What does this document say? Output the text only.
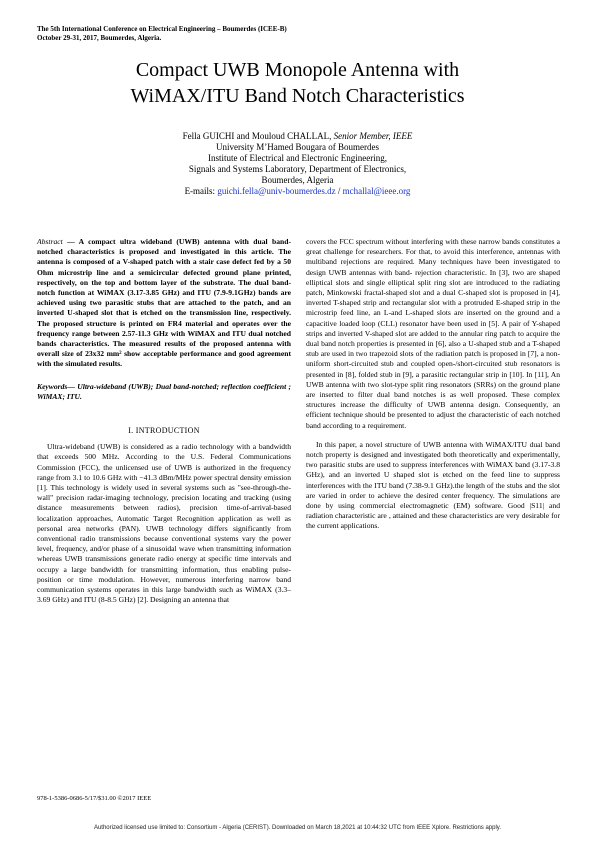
The 5th International Conference on Electrical Engineering – Boumerdes (ICEE-B)
October 29-31, 2017, Boumerdes, Algeria.
Compact UWB Monopole Antenna with
WiMAX/ITU Band Notch Characteristics
Fella GUICHI and Mouloud CHALLAL, Senior Member, IEEE
University M’Hamed Bougara of Boumerdes
Institute of Electrical and Electronic Engineering,
Signals and Systems Laboratory, Department of Electronics,
Boumerdes, Algeria
E-mails: guichi.fella@univ-boumerdes.dz / mchallal@ieee.org

Abstract — A compact ultra wideband (UWB) antenna with dual band-notched characteristics is proposed and investigated in this article. The antenna is composed of a V-shaped patch with a stair case defect fed by a 50 Ohm microstrip line and a semicircular defected ground plane printed, respectively, on the top and bottom layer of the substrate. The dual band-notch function at WiMAX (3.17-3.85 GHz) and ITU (7.9-9.1GHz) bands are achieved using two parasitic stubs that are attached to the patch, and an inverted U-shaped slot that is etched on the transmission line, respectively. The proposed structure is printed on FR4 material and operates over the frequency range between 2.57-11.3 GHz with WiMAX and ITU dual notched bands characteristics. The measured results of the proposed antenna with overall size of 23x32 mm² show acceptable performance and good agreement with the simulated results.

Keywords— Ultra-wideband (UWB); Dual band-notched; reflection coefficient ; WiMAX; ITU.

I. INTRODUCTION

Ultra-wideband (UWB) is considered as a radio technology with a bandwidth that exceeds 500 MHz. According to the U.S. Federal Communications Commission (FCC), the unlicensed use of UWB is authorized in the frequency range from 3.1 to 10.6 GHz with −41.3 dBm/MHz power spectral density emission [1]. This technology is widely used in several systems such as "see-through-the-wall" precision radar-imaging technology, precision locating and tracking (using distance measurements between radios), precision time-of-arrival-based localization approaches, Automatic Target Recognition application as well as personal area networks (PAN). UWB technology differs significantly from conventional radio transmissions because conventional systems vary the power level, frequency, and/or phase of a sinusoidal wave when transmitting information whereas UWB transmissions generate radio energy at specific time intervals and occupy a large bandwidth for transmitting information, thus enabling pulse-position or time modulation. However, numerous interfering narrow band communication systems operates in this large bandwidth such as WiMAX (3.3–3.69 GHz) and ITU (8-8.5 GHz) [2]. Designing an antenna that

covers the FCC spectrum without interfering with these narrow bands constitutes a great challenge for researchers. For that, to avoid this interference, antennas with multiband rejections are required. Many techniques have been investigated to design UWB antennas with band- rejection characteristic. In [3], two are shaped elliptical slots and single elliptical split ring slot are introduced to the radiating patch, Minkowski fractal-shaped slot and a dual C-shaped slot is proposed in [4], inverted T-shaped strip and rectangular slot with a protruded E-shaped strip in the microstrip feed line, an L-and L-shaped slots are inserted on the ground and a capacitive loaded loop (CLL) resonator have been used in [5]. A pair of Y-shaped strips and inverted V-shaped slot are added to the annular ring patch to acquire the dual band notch properties is presented in [6], also a U-shaped stub and a T-shaped stub are used in two trapezoid slots of the radiation patch is proposed in [7], a non-uniform short-circuited stub and coupled open-/short-circuited stub resonators is presented in [8], folded stub in [9], a parasitic rectangular strip in [10]. In [11], An UWB antenna with two slot-type split ring resonators (SRRs) on the ground plane are inserted to filter dual band notches is as well proposed. These complex structures increase the difficulty of UWB antenna design. Consequently, an efficient technique should be presented to adjust the characteristic of each notched band according to a requirement.

In this paper, a novel structure of UWB antenna with WiMAX/ITU dual band notch property is designed and investigated both theoretically and experimentally, two parasitic stubs are used to suppress interferences with WiMAX band (3.17-3.8 GHz), and an inverted U shaped slot is etched on the feed line to suppress interferences with the ITU band (7.38-9.1 GHz).the length of the stubs and the slot are varied in order to achieve the desired center frequency. The simulations are done by using commercial electromagnetic (EM) software. Good |S11| and radiation characteristic are , attained and these characteristics are very desirable for the current applications.

978-1-5386-0686-5/17/$31.00 ©2017 IEEE
Authorized licensed use limited to: Consortium - Algeria (CERIST). Downloaded on March 18,2021 at 10:44:32 UTC from IEEE Xplore. Restrictions apply.
